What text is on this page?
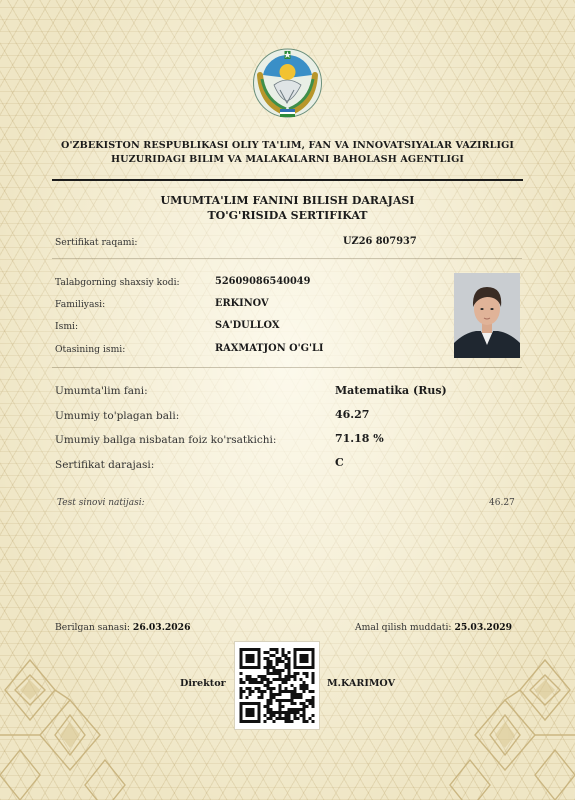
O'ZBEKISTON RESPUBLIKASI OLIY TA'LIM, FAN VA INNOVATSIYALAR VAZIRLIGI
HUZURIDAGI BILIM VA MALAKALARNI BAHOLASH AGENTLIGI
UMUMTA'LIM FANINI BILISH DARAJASI
TO'G'RISIDA SERTIFIKAT
Sertifikat raqami:	UZ26 807937
Talabgorning shaxsiy kodi:	52609086540049
Familiyasi:	ERKINOV
Ismi:	SA'DULLOX
Otasining ismi:	RAXMATJON O'G'LI
Umumta'lim fani:	Matematika (Rus)
Umumiy to'plagan bali:	46.27
Umumiy ballga nisbatan foiz ko'rsatkichi:	71.18 %
Sertifikat darajasi:	C
Test sinovi natijasi:	46.27
Berilgan sanasi: 26.03.2026	Amal qilish muddati: 25.03.2029
Direktor	M.KARIMOV
